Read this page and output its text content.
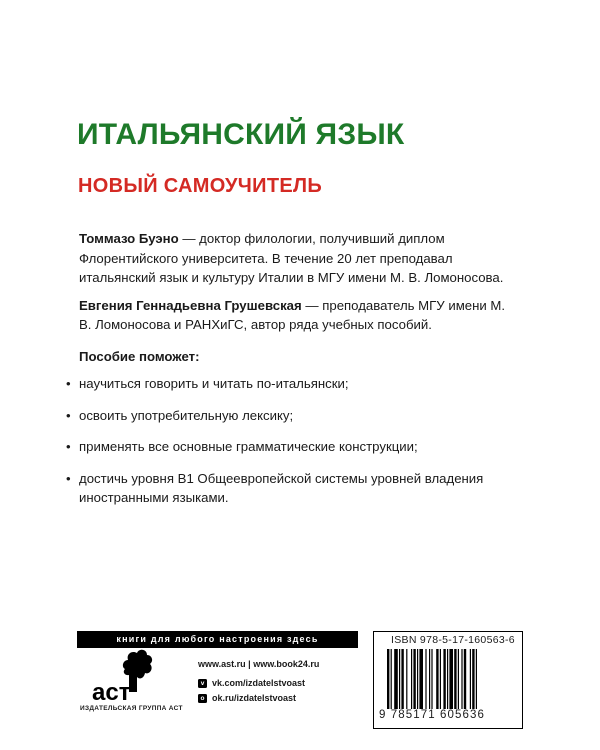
ИТАЛЬЯНСКИЙ ЯЗЫК
НОВЫЙ САМОУЧИТЕЛЬ

Томмазо Буэно — доктор филологии, получивший диплом Флорентийского университета. В течение 20 лет преподавал итальянский язык и культуру Италии в МГУ имени М. В. Ломоносова.

Евгения Геннадьевна Грушевская — преподаватель МГУ имени М. В. Ломоносова и РАНХиГС, автор ряда учебных пособий.

Пособие поможет:
• научиться говорить и читать по-итальянски;
• освоить употребительную лексику;
• применять все основные грамматические конструкции;
• достичь уровня B1 Общеевропейской системы уровней владения иностранными языками.
книги для любого настроения здесь
аст
ИЗДАТЕЛЬСКАЯ ГРУППА АСТ
www.ast.ru | www.book24.ru
v vk.com/izdatelstvoast
o ok.ru/izdatelstvoast
ISBN 978-5-17-160563-6
9 785171 605636
